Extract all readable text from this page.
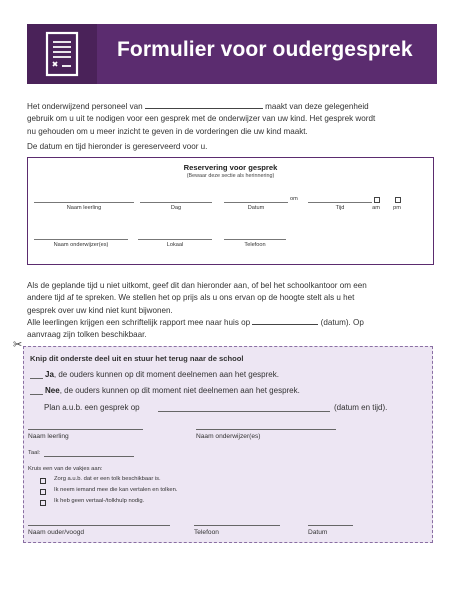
Formulier voor oudergesprek
Het onderwijzend personeel van	maakt van deze gelegenheid
gebruik om u uit te nodigen voor een gesprek met de onderwijzer van uw kind. Het gesprek wordt
nu gehouden om u meer inzicht te geven in de vorderingen die uw kind maakt.
De datum en tijd hieronder is gereserveerd voor u.
Reservering voor gesprek
(Bewaar deze sectie als herinnering)
om
Naam leerling	Dag	Datum	Tijd	am	pm
Naam onderwijzer(es)	Lokaal	Telefoon
Als de geplande tijd u niet uitkomt, geef dit dan hieronder aan, of bel het schoolkantoor om een
andere tijd af te spreken. We stellen het op prijs als u ons ervan op de hoogte stelt als u het
gesprek over uw kind niet kunt bijwonen.
Alle leerlingen krijgen een schriftelijk rapport mee naar huis op	(datum). Op
aanvraag zijn tolken beschikbaar.
✂
Knip dit onderste deel uit en stuur het terug naar de school
Ja, de ouders kunnen op dit moment deelnemen aan het gesprek.
Nee, de ouders kunnen op dit moment niet deelnemen aan het gesprek.
Plan a.u.b. een gesprek op	(datum en tijd).
Naam leerling	Naam onderwijzer(es)
Taal:
Kruis een van de vakjes aan:
Zorg a.u.b. dat er een tolk beschikbaar is.
Ik neem iemand mee die kan vertalen en tolken.
Ik heb geen vertaal-/tolkhulp nodig.
Naam ouder/voogd	Telefoon	Datum
